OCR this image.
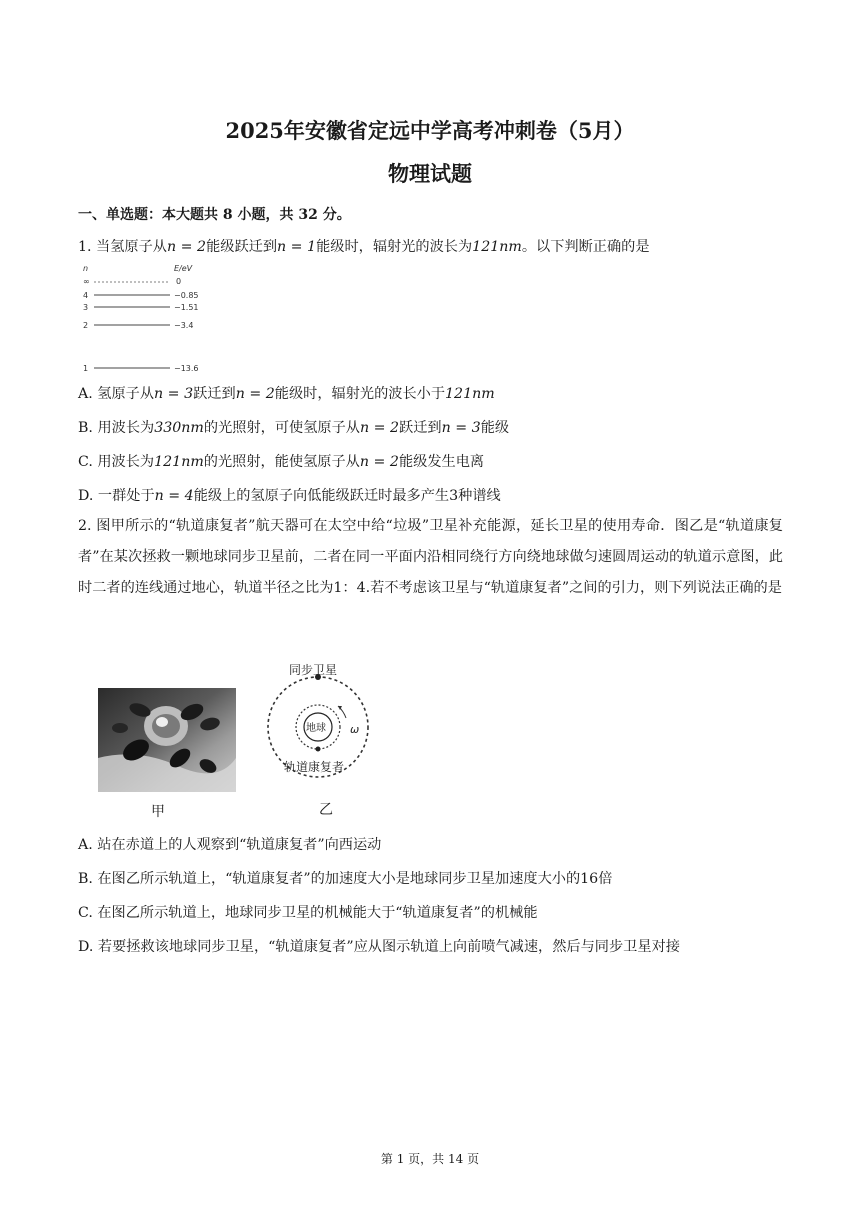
2025年安徽省定远中学高考冲刺卷（5月）
物理试题
一、单选题：本大题共 8 小题，共 32 分。
1. 当氢原子从n = 2能级跃迁到n = 1能级时，辐射光的波长为121nm。以下判断正确的是
n	E/eV
∞	0
4	−0.85
3	−1.51
2	−3.4
1	−13.6
A. 氢原子从n = 3跃迁到n = 2能级时，辐射光的波长小于121nm
B. 用波长为330nm的光照射，可使氢原子从n = 2跃迁到n = 3能级
C. 用波长为121nm的光照射，能使氢原子从n = 2能级发生电离
D. 一群处于n = 4能级上的氢原子向低能级跃迁时最多产生3种谱线
2. 图甲所示的“轨道康复者”航天器可在太空中给“垃圾”卫星补充能源，延长卫星的使用寿命．图乙是“轨道康复者”在某次拯救一颗地球同步卫星前，二者在同一平面内沿相同绕行方向绕地球做匀速圆周运动的轨道示意图，此时二者的连线通过地心，轨道半径之比为1：4.若不考虑该卫星与“轨道康复者”之间的引力，则下列说法正确的是
甲
同步卫星
地球 ω
轨道康复者
乙
A. 站在赤道上的人观察到“轨道康复者”向西运动
B. 在图乙所示轨道上，“轨道康复者”的加速度大小是地球同步卫星加速度大小的16倍
C. 在图乙所示轨道上，地球同步卫星的机械能大于“轨道康复者”的机械能
D. 若要拯救该地球同步卫星，“轨道康复者”应从图示轨道上向前喷气减速，然后与同步卫星对接
第 1 页，共 14 页
